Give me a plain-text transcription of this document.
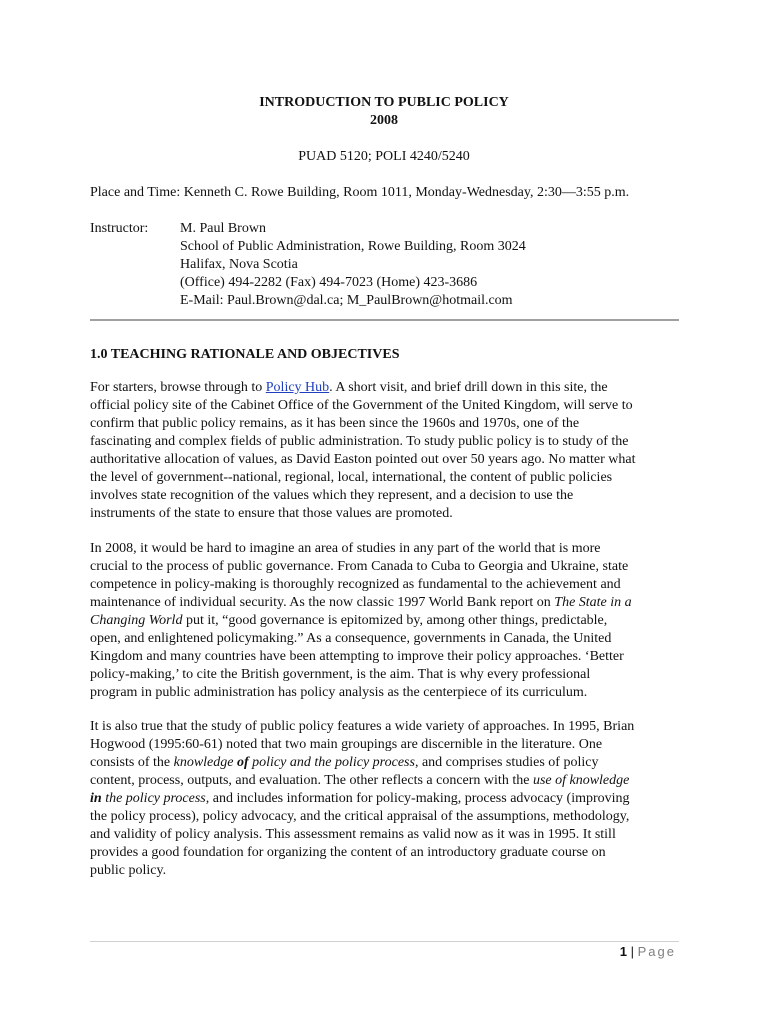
INTRODUCTION TO PUBLIC POLICY
2008
PUAD 5120; POLI 4240/5240
Place and Time: Kenneth C. Rowe Building, Room 1011, Monday-Wednesday, 2:30—3:55 p.m.
Instructor: M. Paul Brown
School of Public Administration, Rowe Building, Room 3024
Halifax, Nova Scotia
(Office) 494-2282 (Fax) 494-7023 (Home) 423-3686
E-Mail: Paul.Brown@dal.ca; M_PaulBrown@hotmail.com
1.0 TEACHING RATIONALE AND OBJECTIVES
For starters, browse through to Policy Hub. A short visit, and brief drill down in this site, the
official policy site of the Cabinet Office of the Government of the United Kingdom, will serve to
confirm that public policy remains, as it has been since the 1960s and 1970s, one of the
fascinating and complex fields of public administration. To study public policy is to study of the
authoritative allocation of values, as David Easton pointed out over 50 years ago. No matter what
the level of government--national, regional, local, international, the content of public policies
involves state recognition of the values which they represent, and a decision to use the
instruments of the state to ensure that those values are promoted.
In 2008, it would be hard to imagine an area of studies in any part of the world that is more
crucial to the process of public governance. From Canada to Cuba to Georgia and Ukraine, state
competence in policy-making is thoroughly recognized as fundamental to the achievement and
maintenance of individual security. As the now classic 1997 World Bank report on The State in a
Changing World put it, “good governance is epitomized by, among other things, predictable,
open, and enlightened policymaking.” As a consequence, governments in Canada, the United
Kingdom and many countries have been attempting to improve their policy approaches. ‘Better
policy-making,’ to cite the British government, is the aim. That is why every professional
program in public administration has policy analysis as the centerpiece of its curriculum.
It is also true that the study of public policy features a wide variety of approaches. In 1995, Brian
Hogwood (1995:60-61) noted that two main groupings are discernible in the literature. One
consists of the knowledge of policy and the policy process, and comprises studies of policy
content, process, outputs, and evaluation. The other reflects a concern with the use of knowledge
in the policy process, and includes information for policy-making, process advocacy (improving
the policy process), policy advocacy, and the critical appraisal of the assumptions, methodology,
and validity of policy analysis. This assessment remains as valid now as it was in 1995. It still
provides a good foundation for organizing the content of an introductory graduate course on
public policy.
1 | Page
